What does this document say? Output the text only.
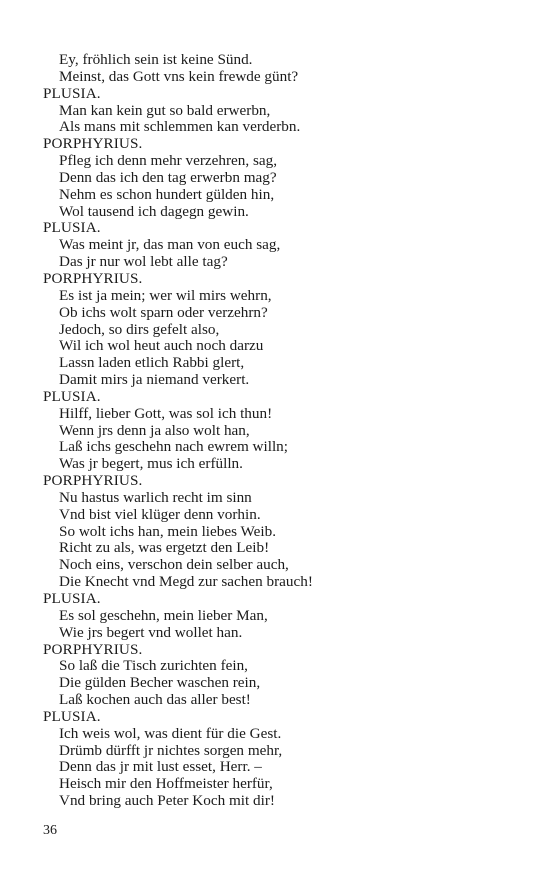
Ey, fröhlich sein ist keine Sünd.
Meinst, das Gott vns kein frewde günt?
PLUSIA.
Man kan kein gut so bald erwerbn,
Als mans mit schlemmen kan verderbn.
PORPHYRIUS.
Pfleg ich denn mehr verzehren, sag,
Denn das ich den tag erwerbn mag?
Nehm es schon hundert gülden hin,
Wol tausend ich dagegn gewin.
PLUSIA.
Was meint jr, das man von euch sag,
Das jr nur wol lebt alle tag?
PORPHYRIUS.
Es ist ja mein; wer wil mirs wehrn,
Ob ichs wolt sparn oder verzehrn?
Jedoch, so dirs gefelt also,
Wil ich wol heut auch noch darzu
Lassn laden etlich Rabbi glert,
Damit mirs ja niemand verkert.
PLUSIA.
Hilff, lieber Gott, was sol ich thun!
Wenn jrs denn ja also wolt han,
Laß ichs geschehn nach ewrem willn;
Was jr begert, mus ich erfülln.
PORPHYRIUS.
Nu hastus warlich recht im sinn
Vnd bist viel klüger denn vorhin.
So wolt ichs han, mein liebes Weib.
Richt zu als, was ergetzt den Leib!
Noch eins, verschon dein selber auch,
Die Knecht vnd Megd zur sachen brauch!
PLUSIA.
Es sol geschehn, mein lieber Man,
Wie jrs begert vnd wollet han.
PORPHYRIUS.
So laß die Tisch zurichten fein,
Die gülden Becher waschen rein,
Laß kochen auch das aller best!
PLUSIA.
Ich weis wol, was dient für die Gest.
Drümb dürfft jr nichtes sorgen mehr,
Denn das jr mit lust esset, Herr. –
Heisch mir den Hoffmeister herfür,
Vnd bring auch Peter Koch mit dir!
36
